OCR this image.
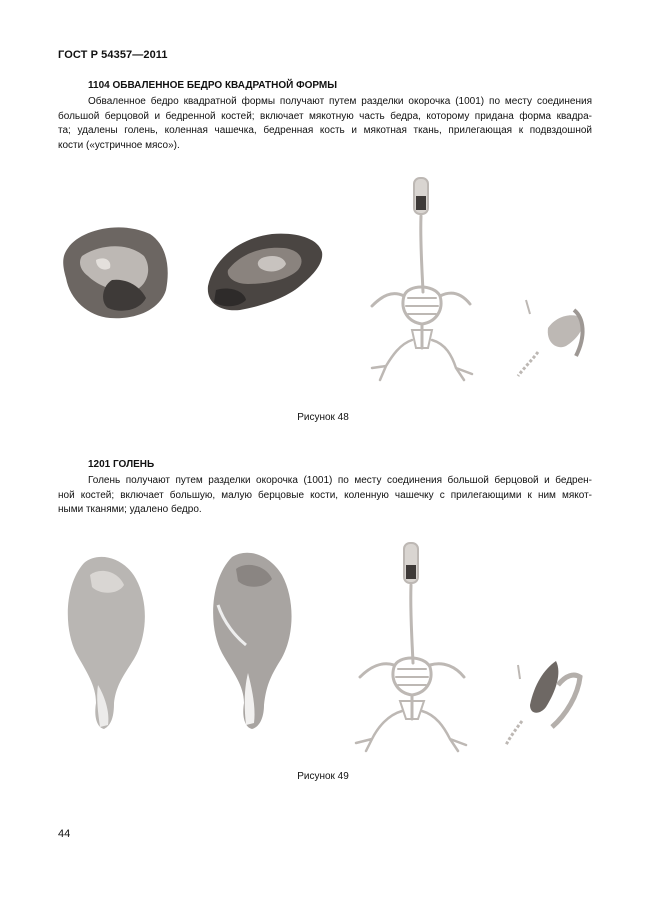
ГОСТ Р 54357—2011
1104 ОБВАЛЕННОЕ БЕДРО КВАДРАТНОЙ ФОРМЫ
Обваленное бедро квадратной формы получают путем разделки окорочка (1001) по месту соединения
большой берцовой и бедренной костей; включает мякотную часть бедра, которому придана форма квадра-
та; удалены голень, коленная чашечка, бедренная кость и мякотная ткань, прилегающая к подвздошной
кости («устричное мясо»).
Рисунок 48
1201 ГОЛЕНЬ
Голень получают путем разделки окорочка (1001) по месту соединения большой берцовой и бедрен-
ной костей; включает большую, малую берцовые кости, коленную чашечку с прилегающими к ним мякот-
ными тканями; удалено бедро.
Рисунок 49
44
